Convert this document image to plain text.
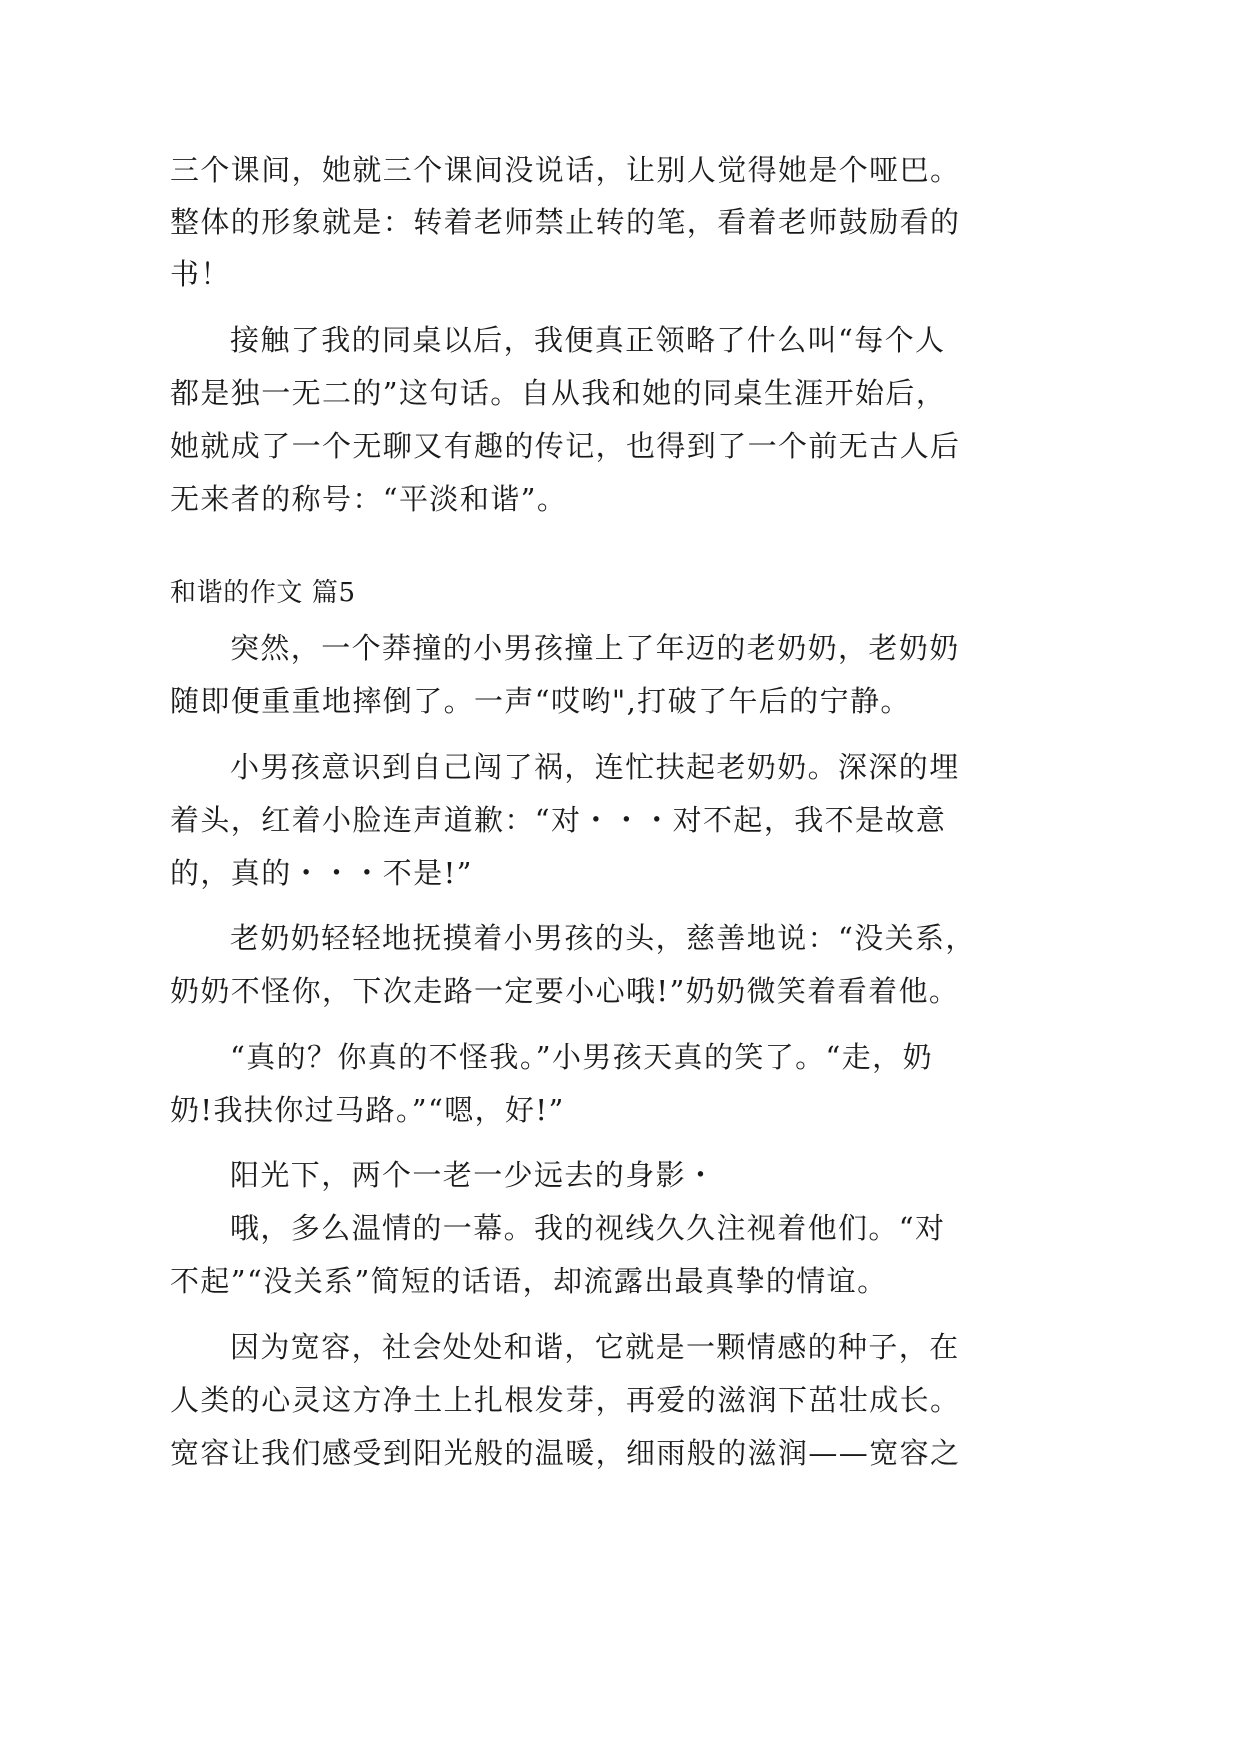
三个课间，她就三个课间没说话，让别人觉得她是个哑巴。
整体的形象就是：转着老师禁止转的笔，看着老师鼓励看的
书！
接触了我的同桌以后，我便真正领略了什么叫“每个人
都是独一无二的”这句话。自从我和她的同桌生涯开始后，
她就成了一个无聊又有趣的传记，也得到了一个前无古人后
无来者的称号：“平淡和谐”。
和谐的作文 篇5
突然，一个莽撞的小男孩撞上了年迈的老奶奶，老奶奶
随即便重重地摔倒了。一声“哎哟",打破了午后的宁静。
小男孩意识到自己闯了祸，连忙扶起老奶奶。深深的埋
着头，红着小脸连声道歉：“对・・・对不起，我不是故意
的，真的・・・不是!”
老奶奶轻轻地抚摸着小男孩的头，慈善地说：“没关系，
奶奶不怪你，下次走路一定要小心哦!”奶奶微笑着看着他。
“真的？你真的不怪我。”小男孩天真的笑了。“走，奶
奶!我扶你过马路。”“嗯，好!”
阳光下，两个一老一少远去的身影・
哦，多么温情的一幕。我的视线久久注视着他们。“对
不起”“没关系”简短的话语，却流露出最真挚的情谊。
因为宽容，社会处处和谐，它就是一颗情感的种子，在
人类的心灵这方净土上扎根发芽，再爱的滋润下茁壮成长。
宽容让我们感受到阳光般的温暖，细雨般的滋润——宽容之
